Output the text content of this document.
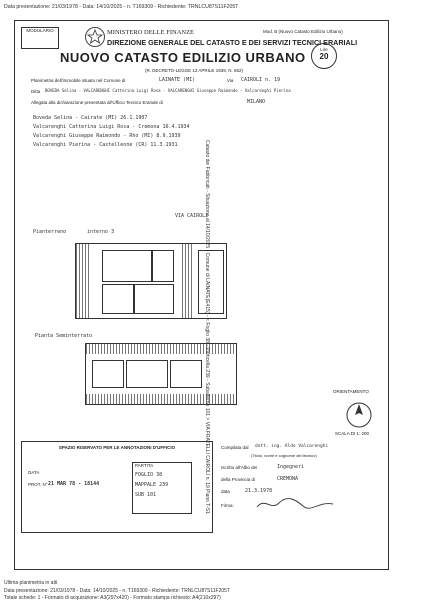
Data presentazione: 21/03/1978 - Data: 14/10/2025 - n. T169309 - Richiedente: TRNLCU87S11F205T
MODULARIO	Mod. B (Nuovo Catasto Edilizio Urbano)
MINISTERO DELLE FINANZE
DIREZIONE GENERALE DEL CATASTO E DEI SERVIZI TECNICI ERARIALI
NUOVO CATASTO EDILIZIO URBANO
(R. DECRETO-LEGGE 13 APRILE 1939, N. 652)
Lire
20
Planimetria dell'immobile situato nel Comune di	LAINATE (MI)	Via CAIROLI n. 19
Ditta BOVEDA Selina - VALCARENGHI Catterina Luigi Rosa - VALCARENGHI Giuseppe Raimondo - Valcarenghi Pierina
Allegata alla dichiarazione presentata all'Ufficio Tecnico Erariale di	MILANO
Boveda Selina - Cairate (MI) 26.1.1907
Valcarenghi Catterina Luigi Rosa - Cremona 16.4.1934
Valcarenghi Giuseppe Raimondo - Rho (MI) 8.9.1939
Valcarenghi Pierina - Castelleone (CR) 11.3.1931
VIA CAIROLI
Pianterreno	interno 3
Pianta Seminterrato
ORIENTAMENTO
SCALA DI 1: 200
SPAZIO RISERVATO PER LE ANNOTAZIONI D'UFFICIO
DATA
PROT. N° 21 MAR 78 - 18144
PARTITA
FOGLIO 38
MAPPALE 239
SUB 101
Compilata dal dott. ing. Aldo Valcarenghi
(Titolo, nome e cognome del tecnico)
Iscritto all'Albo dei	Ingegneri
della Provincia di	CREMONA
data	21.3.1978
Firma:
Catasto dei Fabbricati - Situazione al 14/10/2025 - Comune di LAINATE(E415) - < Foglio 38 - Particella 239 - Subalterno 101 > VIA FRATELLI CAIROLI n. 19 Piano T-S1
Ultima planimetria in atti
Data presentazione: 21/03/1978 - Data: 14/10/2025 - n. T169309 - Richiedente: TRNLCU87S11F205T
Totale schede: 1 - Formato di acquisizione: A3(297x420) - Formato stampa richiesto: A4(210x297)
